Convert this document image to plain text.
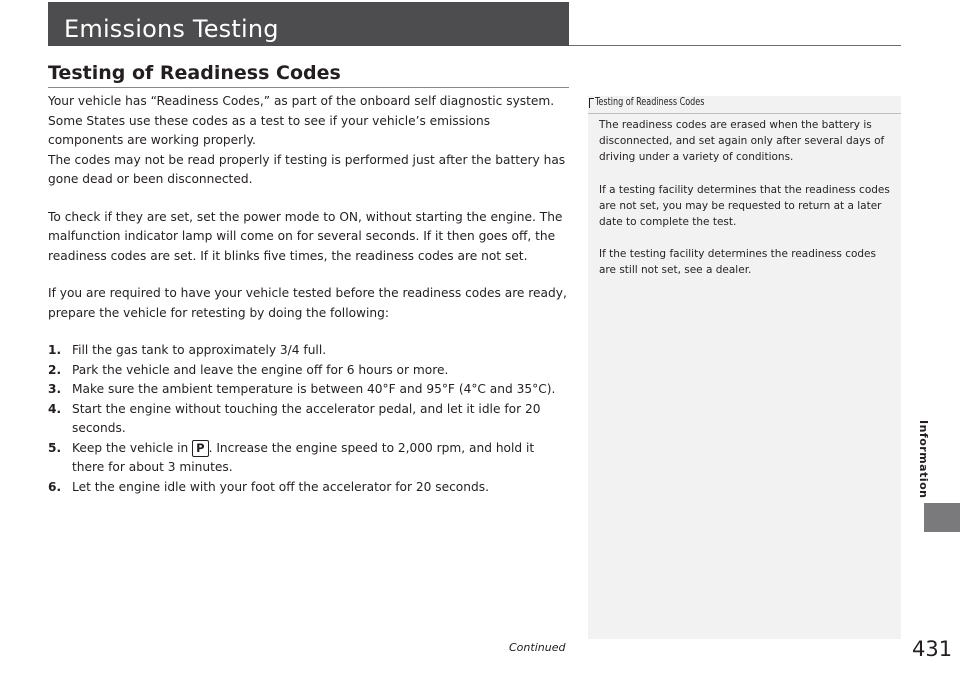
Emissions Testing
Testing of Readiness Codes

Your vehicle has “Readiness Codes,” as part of the onboard self diagnostic system. Some States use these codes as a test to see if your vehicle’s emissions components are working properly.

The codes may not be read properly if testing is performed just after the battery has gone dead or been disconnected.

To check if they are set, set the power mode to ON, without starting the engine. The malfunction indicator lamp will come on for several seconds. If it then goes off, the readiness codes are set. If it blinks five times, the readiness codes are not set.

If you are required to have your vehicle tested before the readiness codes are ready, prepare the vehicle for retesting by doing the following:

1. Fill the gas tank to approximately 3/4 full.
2. Park the vehicle and leave the engine off for 6 hours or more.
3. Make sure the ambient temperature is between 40°F and 95°F (4°C and 35°C).
4. Start the engine without touching the accelerator pedal, and let it idle for 20 seconds.
5. Keep the vehicle in P . Increase the engine speed to 2,000 rpm, and hold it there for about 3 minutes.
6. Let the engine idle with your foot off the accelerator for 20 seconds.
Testing of Readiness Codes

The readiness codes are erased when the battery is disconnected, and set again only after several days of driving under a variety of conditions.

If a testing facility determines that the readiness codes are not set, you may be requested to return at a later date to complete the test.

If the testing facility determines the readiness codes are still not set, see a dealer.

Information
Continued	431
